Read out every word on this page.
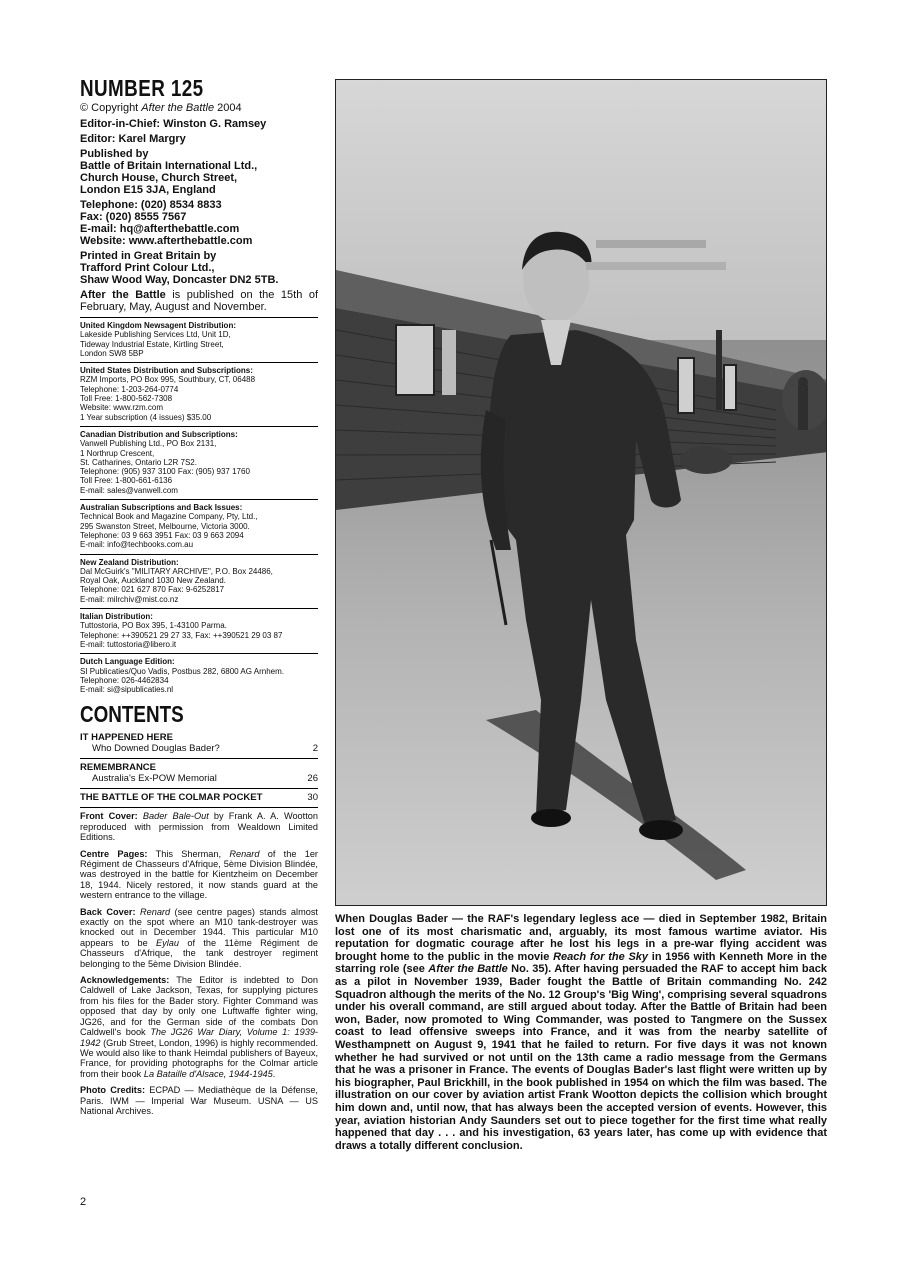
NUMBER 125
© Copyright After the Battle 2004
Editor-in-Chief: Winston G. Ramsey
Editor: Karel Margry
Published by
Battle of Britain International Ltd.,
Church House, Church Street,
London E15 3JA, England
Telephone: (020) 8534 8833
Fax: (020) 8555 7567
E-mail: hq@afterthebattle.com
Website: www.afterthebattle.com
Printed in Great Britain by
Trafford Print Colour Ltd.,
Shaw Wood Way, Doncaster DN2 5TB.
After the Battle is published on the 15th of February, May, August and November.
United Kingdom Newsagent Distribution:
Lakeside Publishing Services Ltd, Unit 1D,
Tideway Industrial Estate, Kirtling Street,
London SW8 5BP
United States Distribution and Subscriptions:
RZM Imports, PO Box 995, Southbury, CT, 06488
Telephone: 1-203-264-0774
Toll Free: 1-800-562-7308
Website: www.rzm.com
1 Year subscription (4 issues) $35.00
Canadian Distribution and Subscriptions:
Vanwell Publishing Ltd., PO Box 2131,
1 Northrup Crescent,
St. Catharines, Ontario L2R 7S2.
Telephone: (905) 937 3100 Fax: (905) 937 1760
Toll Free: 1-800-661-6136
E-mail: sales@vanwell.com
Australian Subscriptions and Back Issues:
Technical Book and Magazine Company, Pty, Ltd.,
295 Swanston Street, Melbourne, Victoria 3000.
Telephone: 03 9 663 3951 Fax: 03 9 663 2094
E-mail: info@techbooks.com.au
New Zealand Distribution:
Dal McGuirk's "MILITARY ARCHIVE", P.O. Box 24486,
Royal Oak, Auckland 1030 New Zealand.
Telephone: 021 627 870 Fax: 9-6252817
E-mail: milrchiv@mist.co.nz
Italian Distribution:
Tuttostoria, PO Box 395, 1-43100 Parma.
Telephone: ++390521 29 27 33, Fax: ++390521 29 03 87
E-mail: tuttostoria@libero.it
Dutch Language Edition:
SI Publicaties/Quo Vadis, Postbus 282, 6800 AG Arnhem.
Telephone: 026-4462834
E-mail: si@sipublicaties.nl
CONTENTS
IT HAPPENED HERE
Who Downed Douglas Bader?	2
REMEMBRANCE
Australia's Ex-POW Memorial	26
THE BATTLE OF THE COLMAR POCKET	30
Front Cover: Bader Bale-Out by Frank A. A. Wootton reproduced with permission from Wealdown Limited Editions.
Centre Pages: This Sherman, Renard of the 1er Régiment de Chasseurs d'Afrique, 5ème Division Blindée, was destroyed in the battle for Kientzheim on December 18, 1944. Nicely restored, it now stands guard at the western entrance to the village.
Back Cover: Renard (see centre pages) stands almost exactly on the spot where an M10 tank-destroyer was knocked out in December 1944. This particular M10 appears to be Eylau of the 11ème Régiment de Chasseurs d'Afrique, the tank destroyer regiment belonging to the 5ème Division Blindée.
Acknowledgements: The Editor is indebted to Don Caldwell of Lake Jackson, Texas, for supplying pictures from his files for the Bader story. Fighter Command was opposed that day by only one Luftwaffe fighter wing, JG26, and for the German side of the combats Don Caldwell's book The JG26 War Diary, Volume 1: 1939-1942 (Grub Street, London, 1996) is highly recommended. We would also like to thank Heimdal publishers of Bayeux, France, for providing photographs for the Colmar article from their book La Bataille d'Alsace, 1944-1945.
Photo Credits: ECPAD — Mediathèque de la Défense, Paris. IWM — Imperial War Museum. USNA — US National Archives.
When Douglas Bader — the RAF's legendary legless ace — died in September 1982, Britain lost one of its most charismatic and, arguably, its most famous wartime aviator. His reputation for dogmatic courage after he lost his legs in a pre-war flying accident was brought home to the public in the movie Reach for the Sky in 1956 with Kenneth More in the starring role (see After the Battle No. 35). After having persuaded the RAF to accept him back as a pilot in November 1939, Bader fought the Battle of Britain commanding No. 242 Squadron although the merits of the No. 12 Group's 'Big Wing', comprising several squadrons under his overall command, are still argued about today. After the Battle of Britain had been won, Bader, now promoted to Wing Commander, was posted to Tangmere on the Sussex coast to lead offensive sweeps into France, and it was from the nearby satellite of Westhampnett on August 9, 1941 that he failed to return. For five days it was not known whether he had survived or not until on the 13th came a radio message from the Germans that he was a prisoner in France. The events of Douglas Bader's last flight were written up by his biographer, Paul Brickhill, in the book published in 1954 on which the film was based. The illustration on our cover by aviation artist Frank Wootton depicts the collision which brought him down and, until now, that has always been the accepted version of events. However, this year, aviation historian Andy Saunders set out to piece together for the first time what really happened that day . . . and his investigation, 63 years later, has come up with evidence that draws a totally different conclusion.
2
